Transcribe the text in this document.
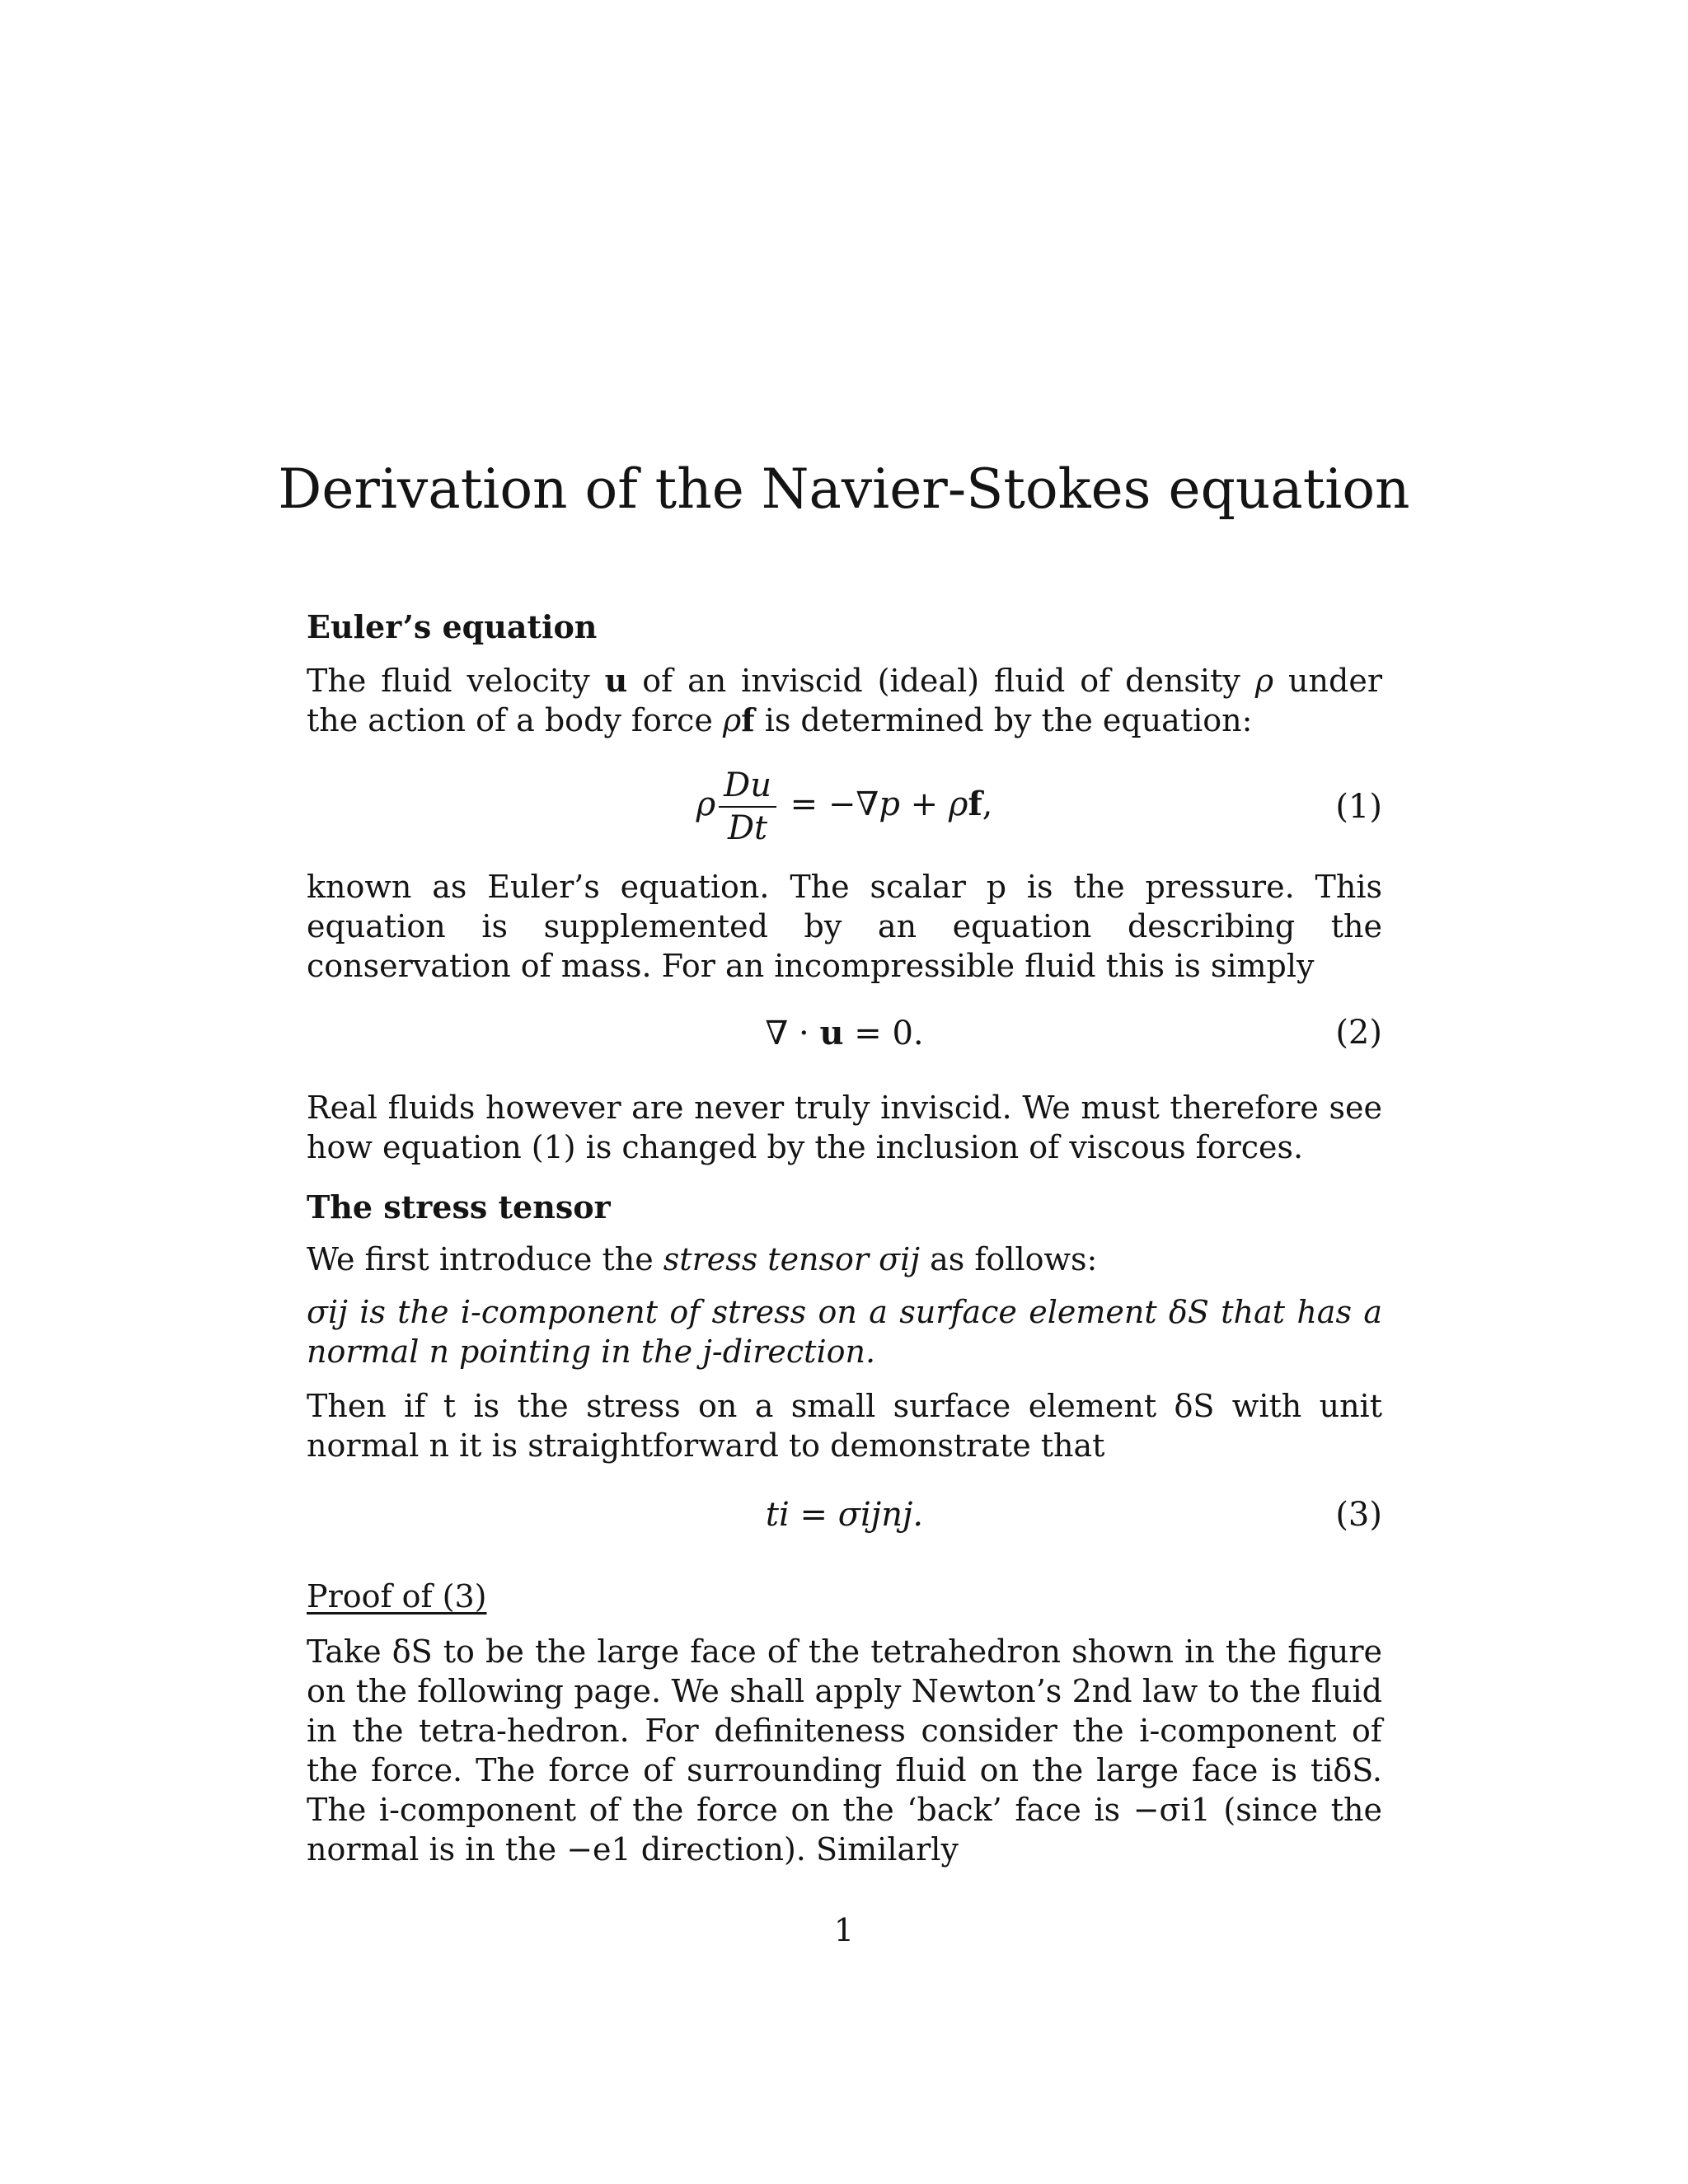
Derivation of the Navier-Stokes equation
Euler’s equation

The fluid velocity u of an inviscid (ideal) fluid of density ρ under the action of a body force ρf is determined by the equation:

ρ $\frac{Du}{Dt} = -\nabla p + \rho f$,	(1)

known as Euler’s equation. The scalar p is the pressure. This equation is supplemented by an equation describing the conservation of mass. For an incompressible fluid this is simply

∇ · u = 0.	(2)

Real fluids however are never truly inviscid. We must therefore see how equation (1) is changed by the inclusion of viscous forces.

The stress tensor

We first introduce the stress tensor σij as follows:

σij is the i-component of stress on a surface element δS that has a normal n pointing in the j-direction.

Then if t is the stress on a small surface element δS with unit normal n it is straightforward to demonstrate that

ti = σijnj.	(3)

Proof of (3)

Take δS to be the large face of the tetrahedron shown in the figure on the following page. We shall apply Newton’s 2nd law to the fluid in the tetra-hedron. For definiteness consider the i-component of the force. The force of surrounding fluid on the large face is tiδS. The i-component of the force on the ‘back’ face is −σi1 (since the normal is in the −e1 direction). Similarly

1
